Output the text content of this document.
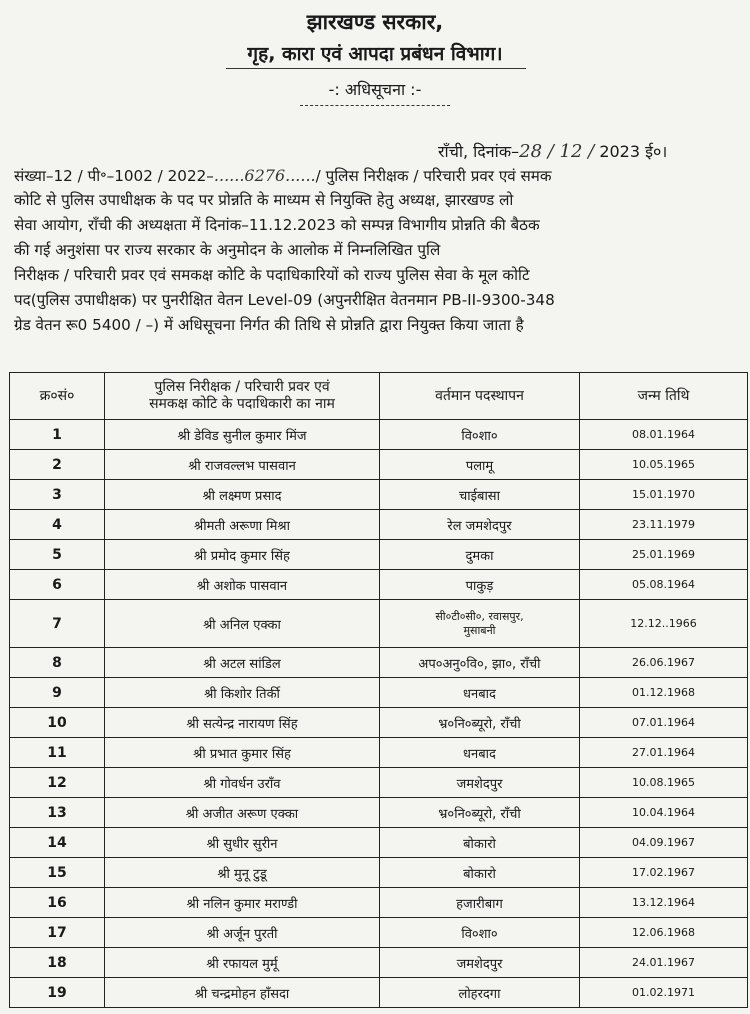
झारखण्ड सरकार,
गृह, कारा एवं आपदा प्रबंधन विभाग।
-: अधिसूचना :-
राँची, दिनांक–28 / 12 / 2023 ई०।
संख्या–12 / पी॰–1002 / 2022–......6276....../ पुलिस निरीक्षक / परिचारी प्रवर एवं समक
कोटि से पुलिस उपाधीक्षक के पद पर प्रोन्नति के माध्यम से नियुक्ति हेतु अध्यक्ष, झारखण्ड लो
सेवा आयोग, राँची की अध्यक्षता में दिनांक–11.12.2023 को सम्पन्न विभागीय प्रोन्नति की बैठक
की गई अनुशंसा पर राज्य सरकार के अनुमोदन के आलोक में निम्नलिखित पुलि
निरीक्षक / परिचारी प्रवर एवं समकक्ष कोटि के पदाधिकारियों को राज्य पुलिस सेवा के मूल कोटि
पद(पुलिस उपाधीक्षक) पर पुनरीक्षित वेतन Level-09 (अपुनरीक्षित वेतनमान PB-II-9300-348
ग्रेड वेतन रू0 5400 / –) में अधिसूचना निर्गत की तिथि से प्रोन्नति द्वारा नियुक्त किया जाता है
क्र०सं०	पुलिस निरीक्षक / परिचारी प्रवर एवं
समकक्ष कोटि के पदाधिकारी का नाम	वर्तमान पदस्थापन	जन्म तिथि
1	श्री डेविड सुनील कुमार मिंज	वि०शा०	08.01.1964
2	श्री राजवल्लभ पासवान	पलामू	10.05.1965
3	श्री लक्ष्मण प्रसाद	चाईबासा	15.01.1970
4	श्रीमती अरूणा मिश्रा	रेल जमशेदपुर	23.11.1979
5	श्री प्रमोद कुमार सिंह	दुमका	25.01.1969
6	श्री अशोक पासवान	पाकुड़	05.08.1964
7	श्री अनिल एक्का	सी०टी०सी०, रवासपुर,
मुसाबनी	12.12..1966
8	श्री अटल सांडिल	अप०अनु०वि०, झा०, राँची	26.06.1967
9	श्री किशोर तिर्की	धनबाद	01.12.1968
10	श्री सत्येन्द्र नारायण सिंह	भ्र०नि०ब्यूरो, राँची	07.01.1964
11	श्री प्रभात कुमार सिंह	धनबाद	27.01.1964
12	श्री गोवर्धन उराँव	जमशेदपुर	10.08.1965
13	श्री अजीत अरूण एक्का	भ्र०नि०ब्यूरो, राँची	10.04.1964
14	श्री सुधीर सुरीन	बोकारो	04.09.1967
15	श्री मुनू टुडू	बोकारो	17.02.1967
16	श्री नलिन कुमार मराण्डी	हजारीबाग	13.12.1964
17	श्री अर्जून पुरती	वि०शा०	12.06.1968
18	श्री रफायल मुर्मू	जमशेदपुर	24.01.1967
19	श्री चन्द्रमोहन हाँसदा	लोहरदगा	01.02.1971
